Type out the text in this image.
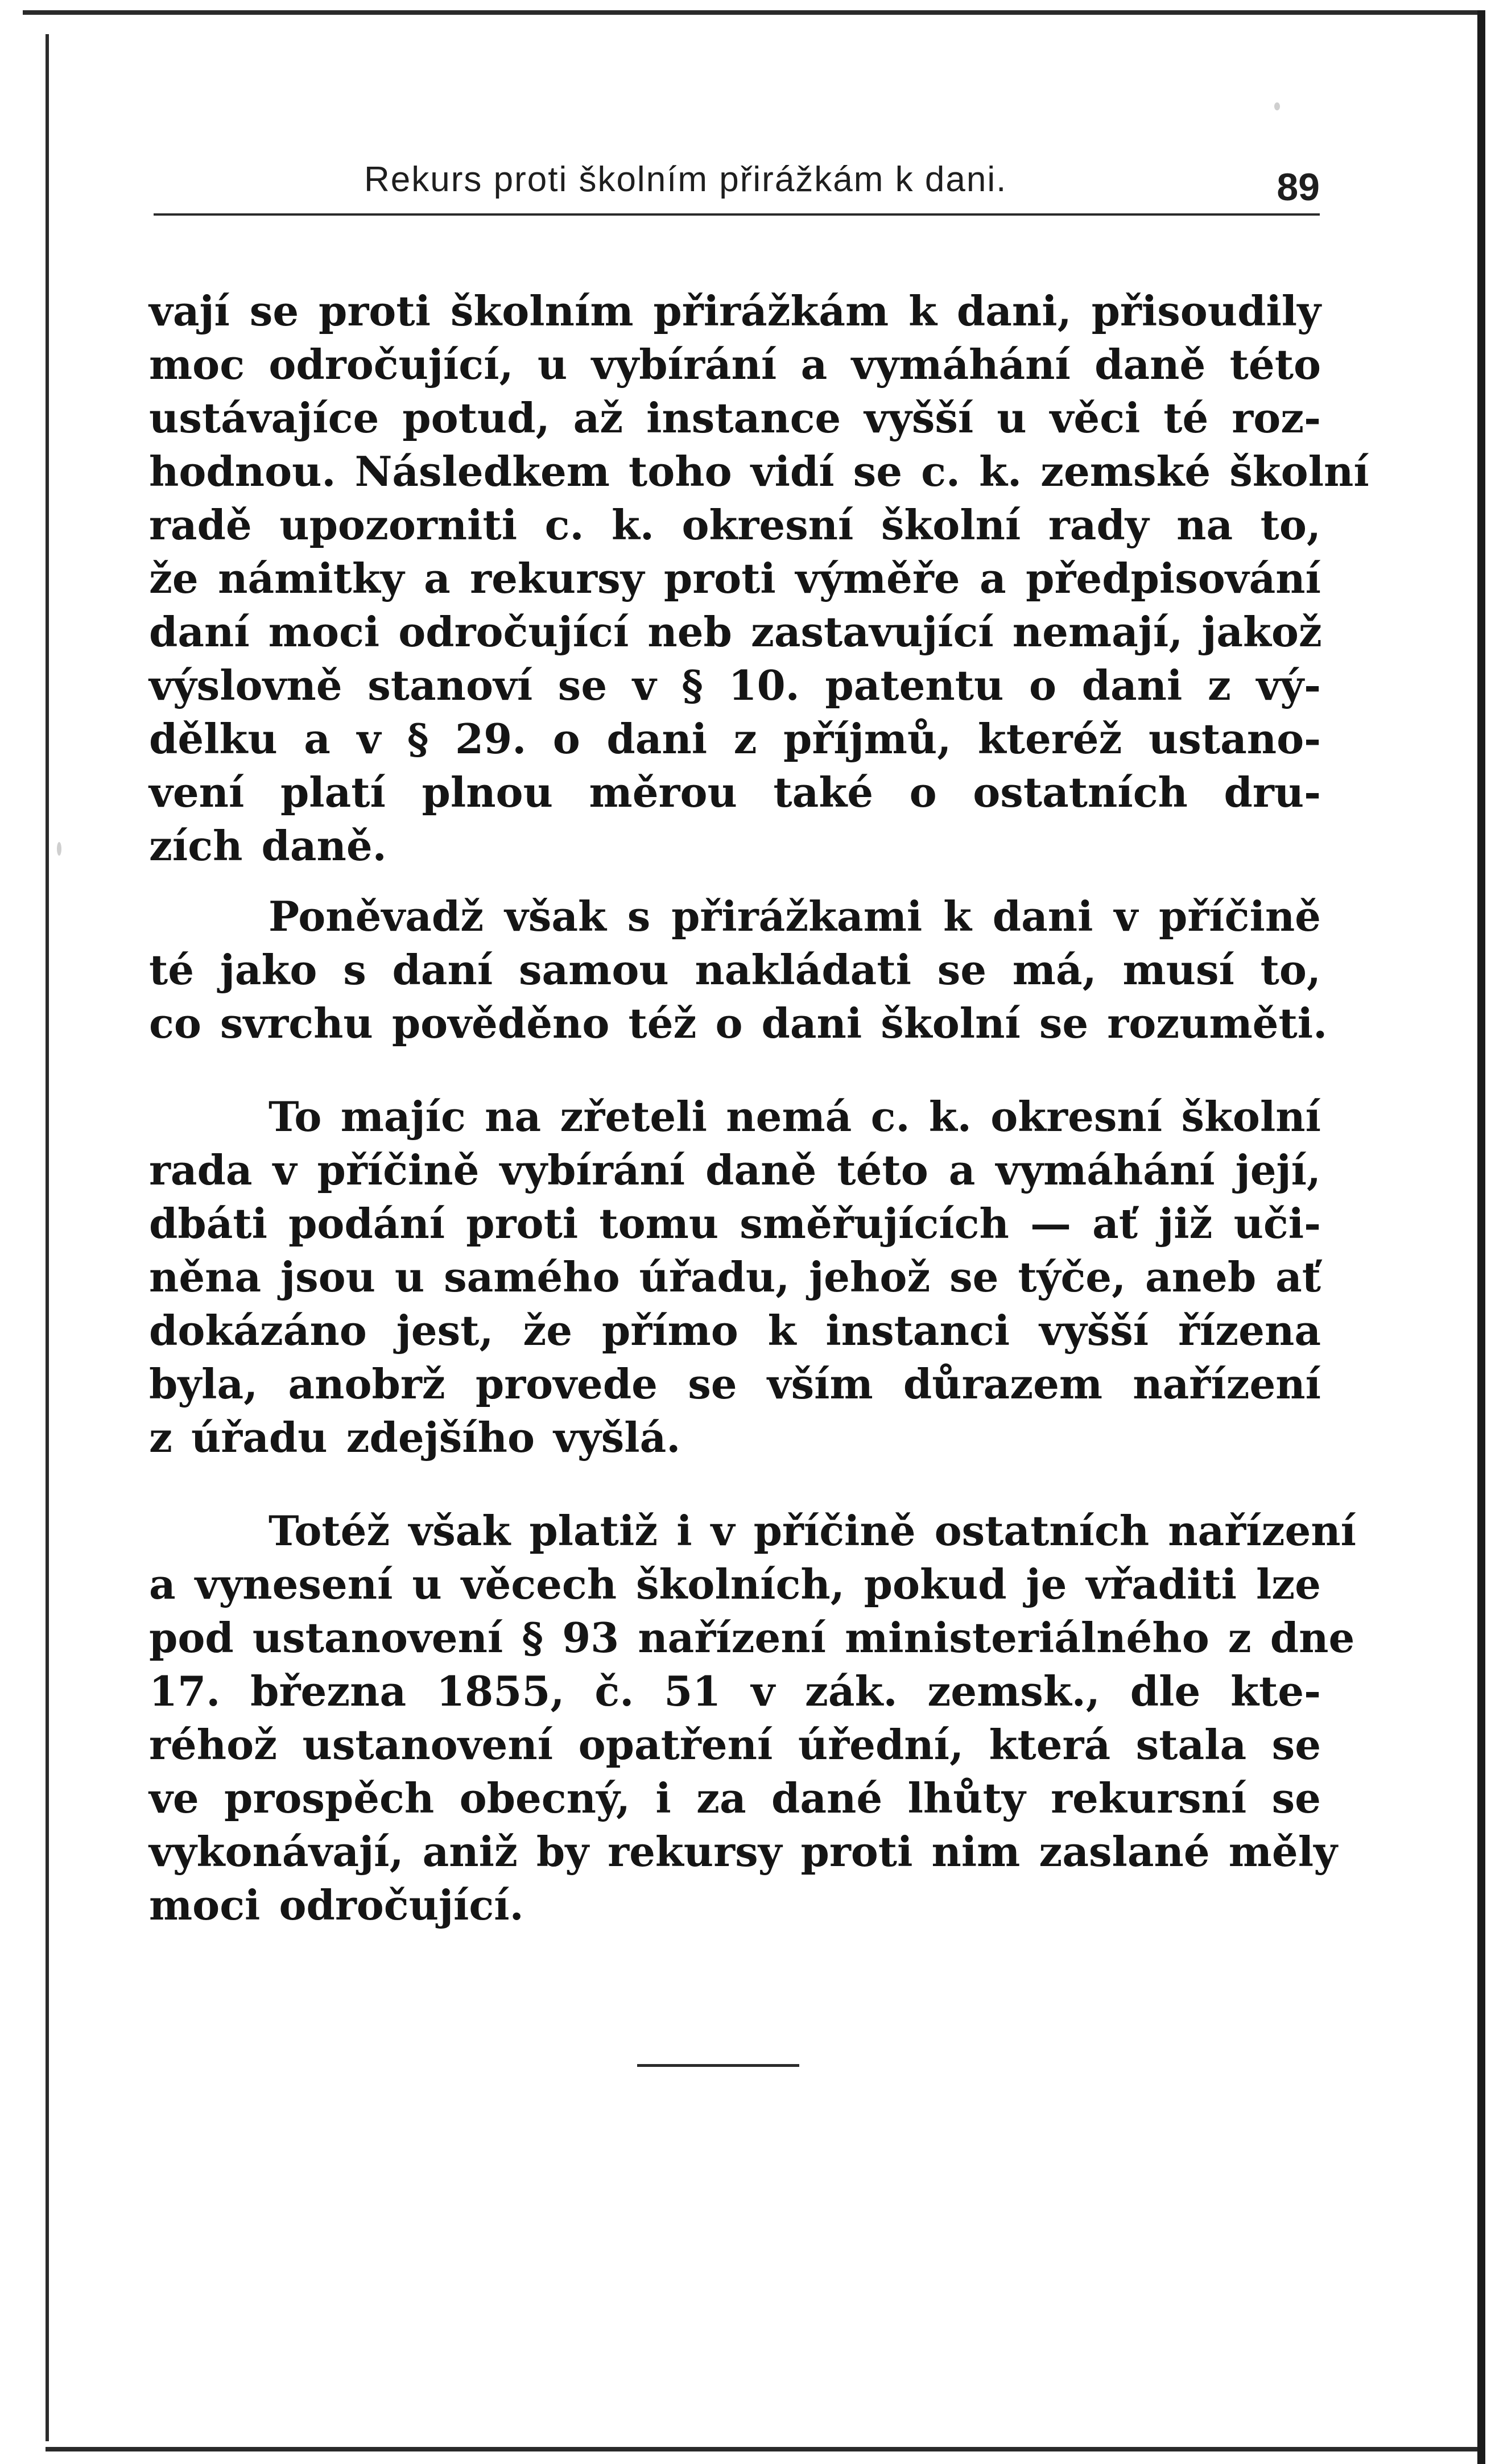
Rekurs proti školním přirážkám k dani.	89
vají se proti školním přirážkám k dani, přisoudily
moc odročující, u vybírání a vymáhání daně této
ustávajíce potud, až instance vyšší u věci té roz-
hodnou. Následkem toho vidí se c. k. zemské školní
radě upozorniti c. k. okresní školní rady na to,
že námitky a rekursy proti výměře a předpisování
daní moci odročující neb zastavující nemají, jakož
výslovně stanoví se v § 10. patentu o dani z vý-
dělku a v § 29. o dani z příjmů, kteréž ustano-
vení platí plnou měrou také o ostatních dru-
zích daně.
Poněvadž však s přirážkami k dani v příčině
té jako s daní samou nakládati se má, musí to,
co svrchu pověděno též o dani školní se rozuměti.
To majíc na zřeteli nemá c. k. okresní školní
rada v příčině vybírání daně této a vymáhání její,
dbáti podání proti tomu směřujících — ať již uči-
něna jsou u samého úřadu, jehož se týče, aneb ať
dokázáno jest, že přímo k instanci vyšší řízena
byla, anobrž provede se vším důrazem nařízení
z úřadu zdejšího vyšlá.
Totéž však platiž i v příčině ostatních nařízení
a vynesení u věcech školních, pokud je vřaditi lze
pod ustanovení § 93 nařízení ministeriálného z dne
17. března 1855, č. 51 v zák. zemsk., dle kte-
réhož ustanovení opatření úřední, která stala se
ve prospěch obecný, i za dané lhůty rekursní se
vykonávají, aniž by rekursy proti nim zaslané měly
moci odročující.
